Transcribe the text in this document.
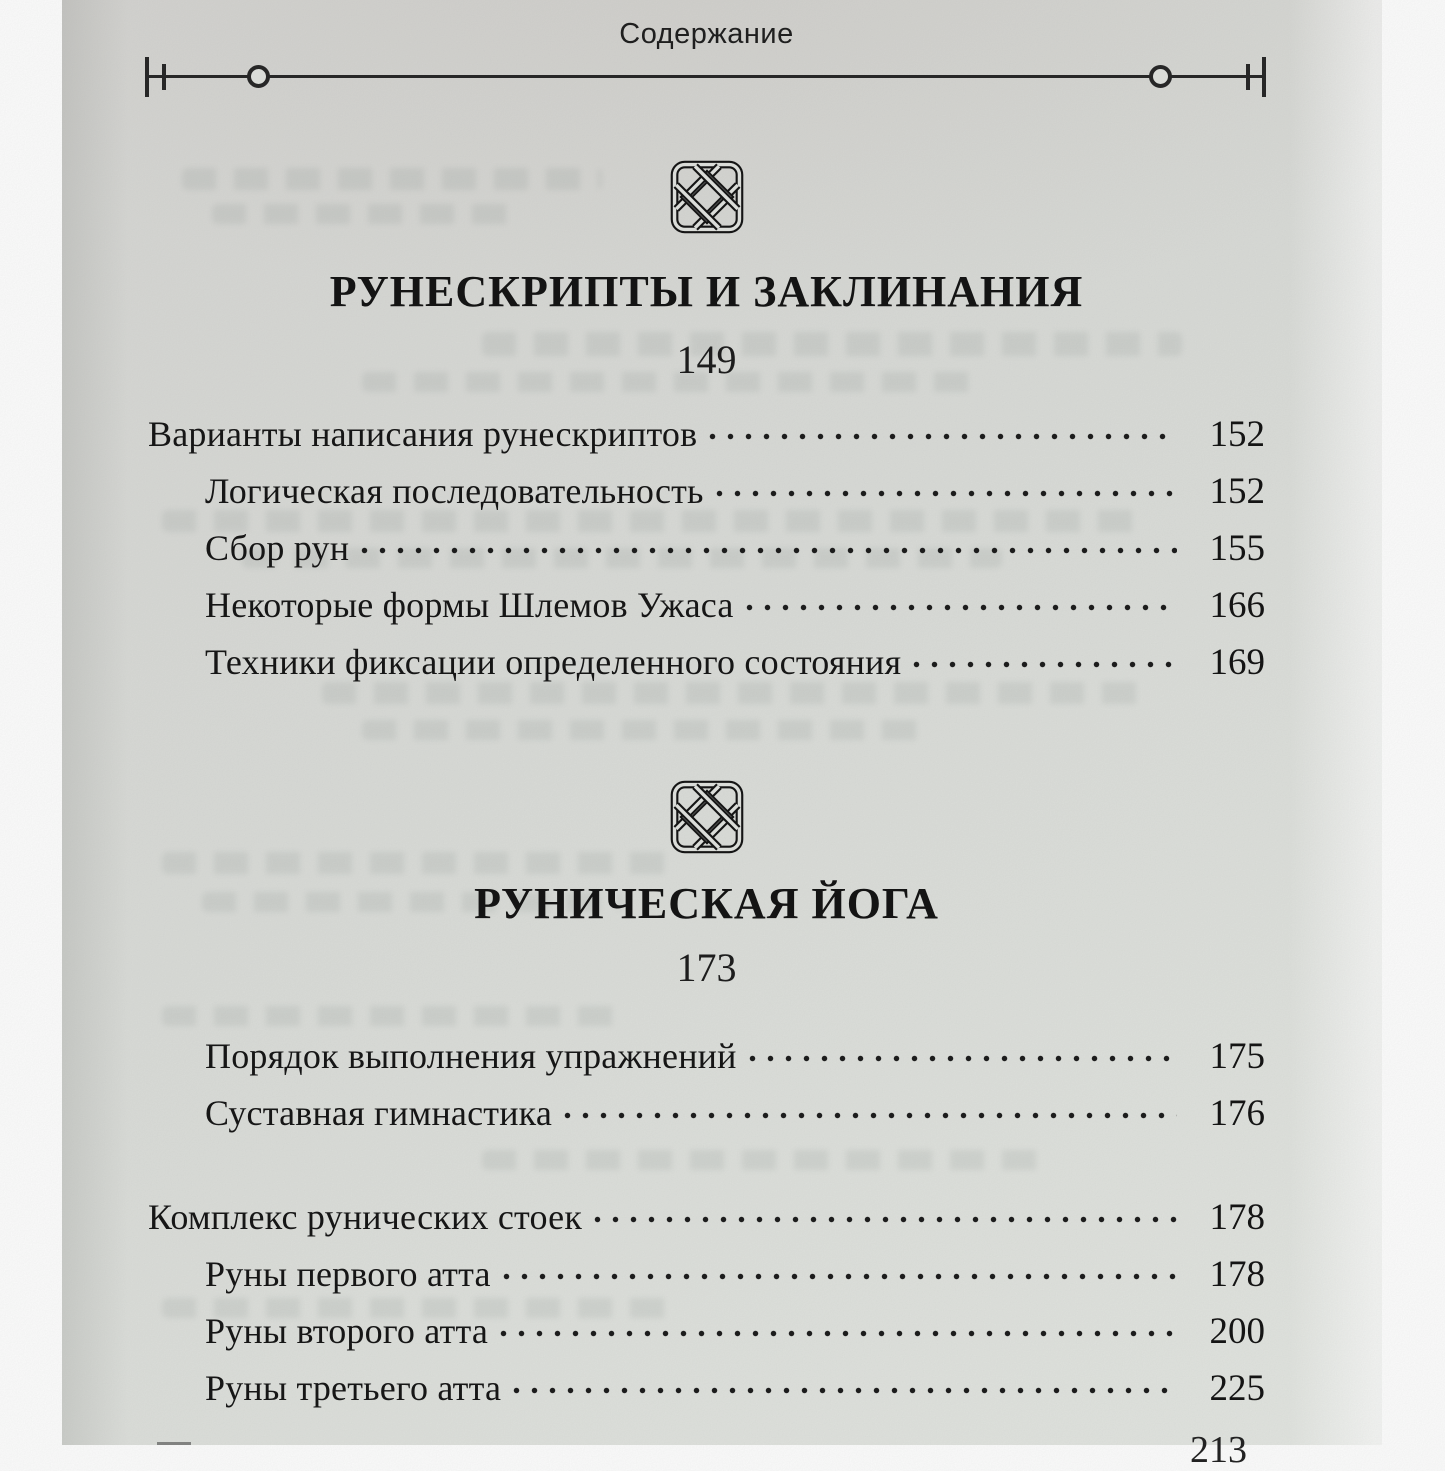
Содержание
РУНЕСКРИПТЫ И ЗАКЛИНАНИЯ
149
Варианты написания рунескриптов	152
Логическая последовательность	152
Сбор рун	155
Некоторые формы Шлемов Ужаса	166
Техники фиксации определенного состояния	169
РУНИЧЕСКАЯ ЙОГА
173
Порядок выполнения упражнений	175
Суставная гимнастика	176
Комплекс рунических стоек	178
Руны первого атта	178
Руны второго атта	200
Руны третьего атта	225
213
